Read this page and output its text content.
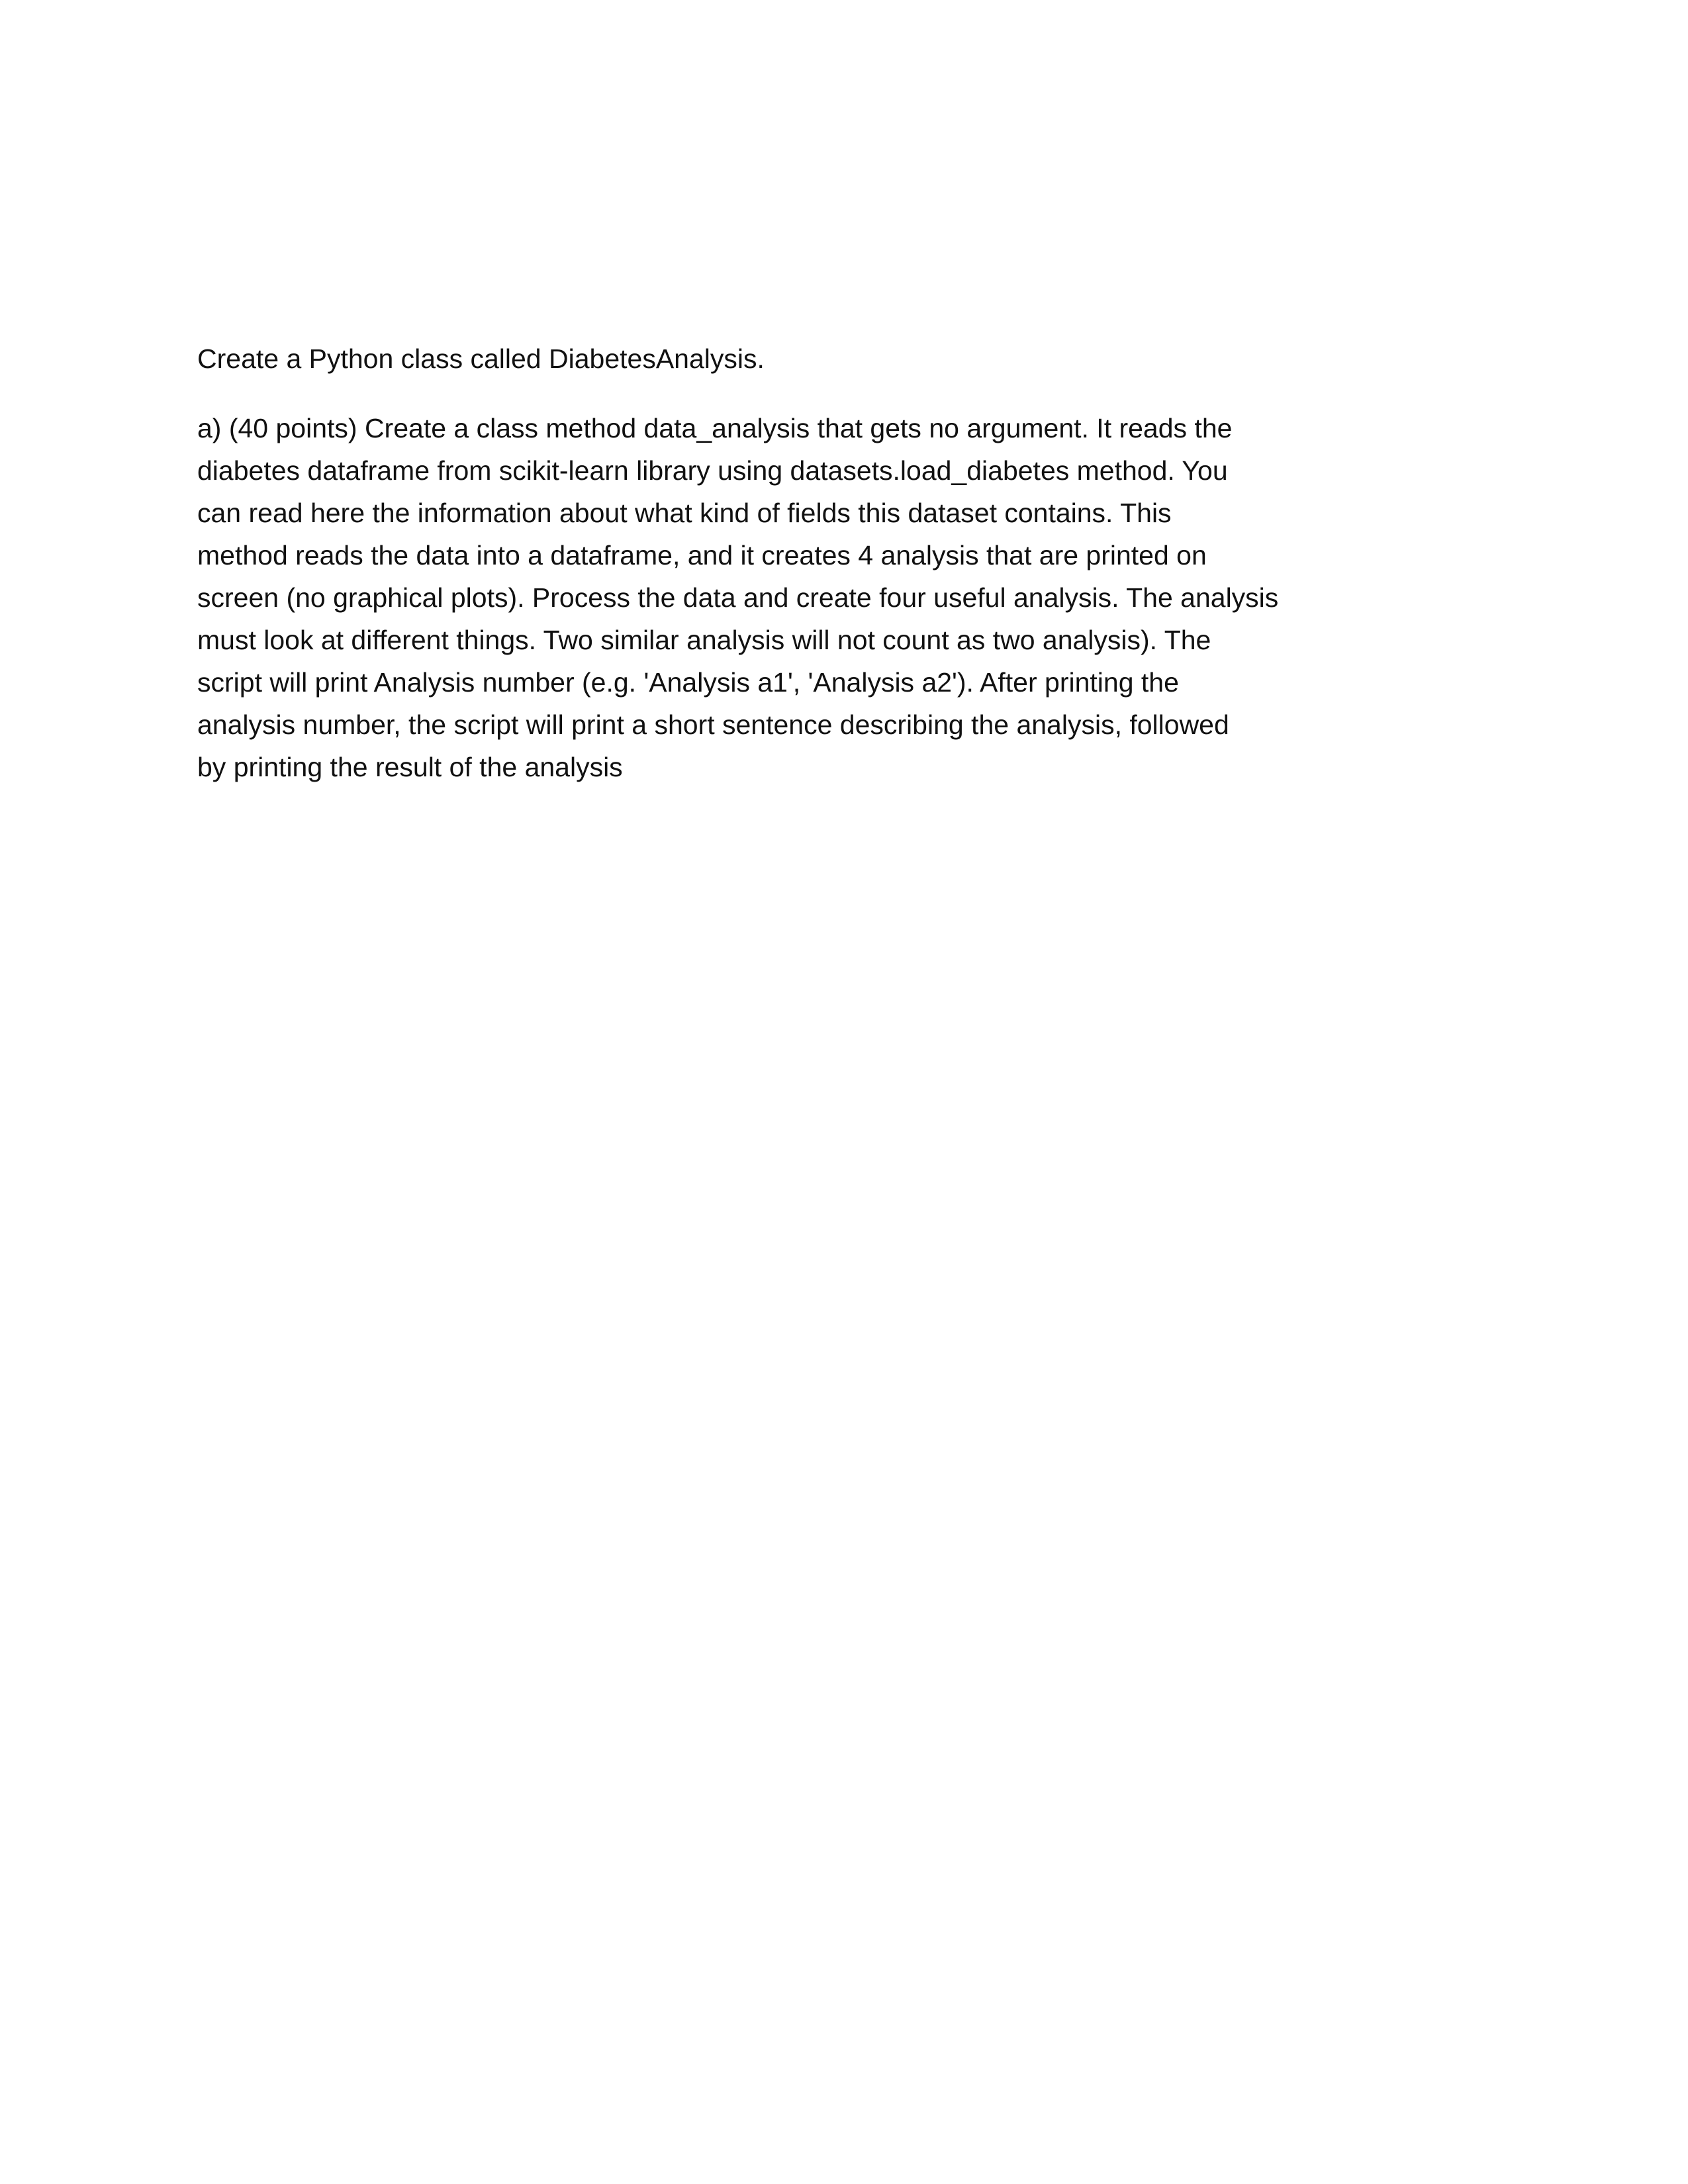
Create a Python class called DiabetesAnalysis.

a) (40 points) Create a class method data_analysis that gets no argument. It reads the
diabetes dataframe from scikit-learn library using datasets.load_diabetes method. You
can read here the information about what kind of fields this dataset contains. This
method reads the data into a dataframe, and it creates 4 analysis that are printed on
screen (no graphical plots). Process the data and create four useful analysis. The analysis
must look at different things. Two similar analysis will not count as two analysis). The
script will print Analysis number (e.g. 'Analysis a1', 'Analysis a2'). After printing the
analysis number, the script will print a short sentence describing the analysis, followed
by printing the result of the analysis
